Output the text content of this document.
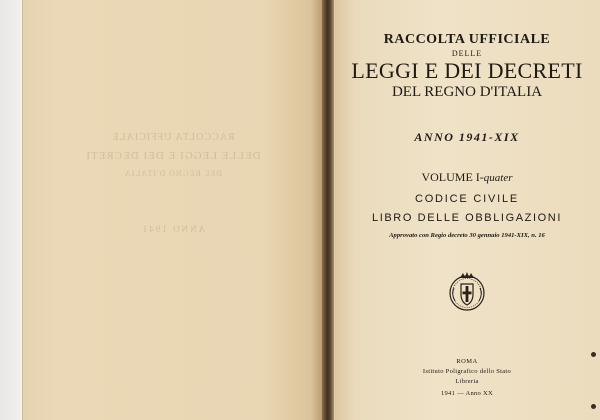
RACCOLTA UFFICIALE
DELLE LEGGI E DEI DECRETI
DEL REGNO D'ITALIA
ANNO 1941
RACCOLTA UFFICIALE
DELLE
LEGGI E DEI DECRETI
DEL REGNO D'ITALIA
ANNO 1941-XIX
VOLUME I-quater
CODICE CIVILE
LIBRO DELLE OBBLIGAZIONI
Approvato con Regio decreto 30 gennaio 1941-XIX, n. 16
ROMA
Istituto Poligrafico dello Stato
Libreria
1941 — Anno XX
